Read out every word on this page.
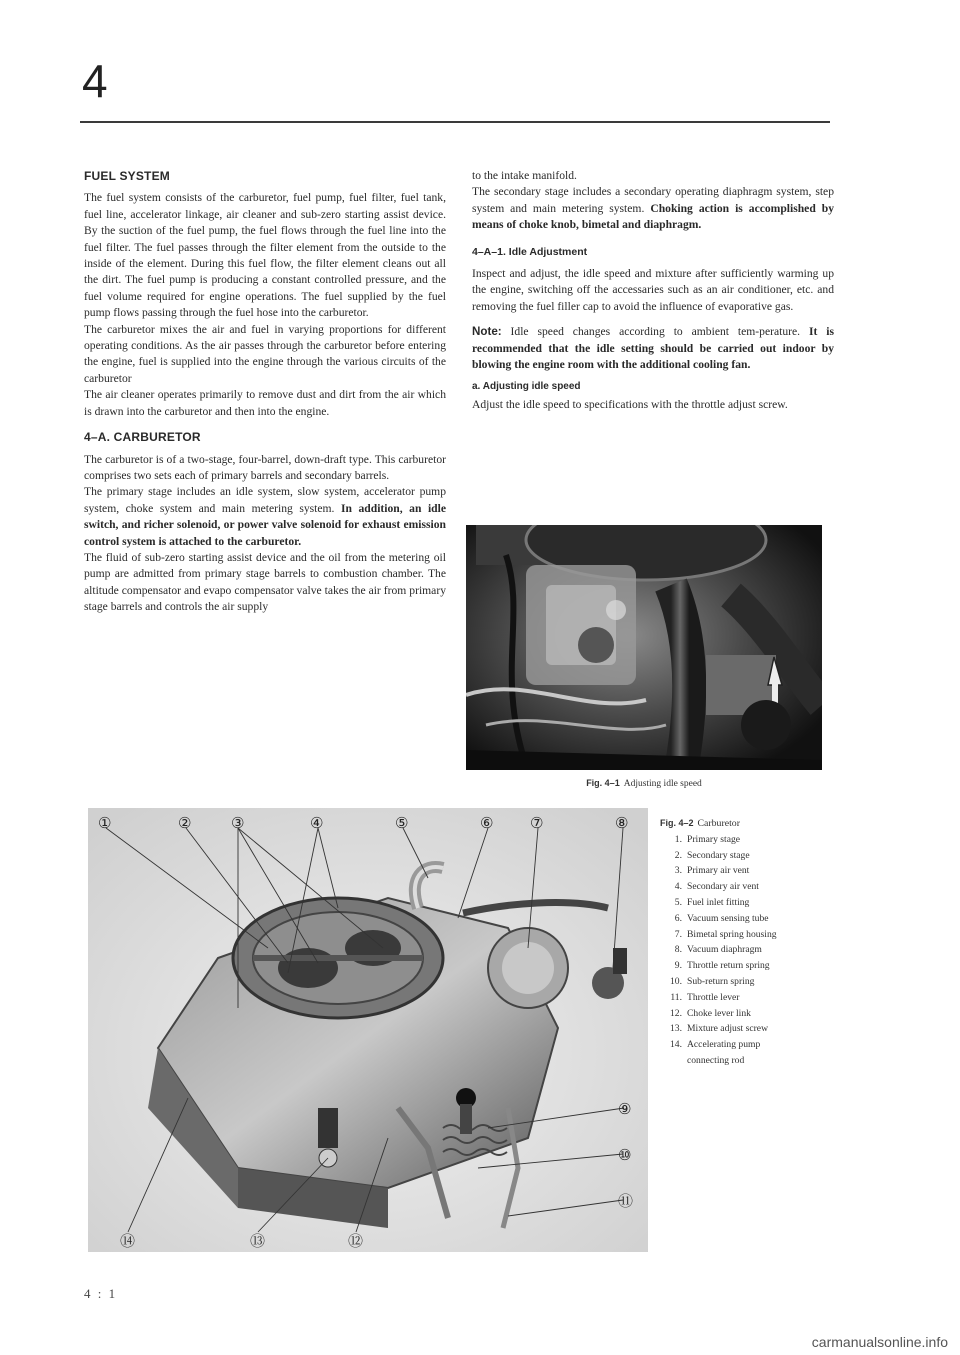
4
FUEL SYSTEM

The fuel system consists of the carburetor, fuel pump, fuel filter, fuel tank, fuel line, accelerator linkage, air cleaner and sub-zero starting assist device. By the suction of the fuel pump, the fuel flows through the fuel line into the fuel filter. The fuel passes through the filter element from the outside to the inside of the element. During this fuel flow, the filter element cleans out all the dirt. The fuel pump is producing a constant controlled pressure, and the fuel volume required for engine operations. The fuel supplied by the fuel pump flows passing through the fuel hose into the carburetor.

The carburetor mixes the air and fuel in varying proportions for different operating conditions. As the air passes through the carburetor before entering the engine, fuel is supplied into the engine through the various circuits of the carburetor

The air cleaner operates primarily to remove dust and dirt from the air which is drawn into the carburetor and then into the engine.

4–A. CARBURETOR

The carburetor is of a two-stage, four-barrel, down-draft type. This carburetor comprises two sets each of primary barrels and secondary barrels.

The primary stage includes an idle system, slow system, accelerator pump system, choke system and main metering system. In addition, an idle switch, and richer solenoid, or power valve solenoid for exhaust emission control system is attached to the carburetor.

The fluid of sub-zero starting assist device and the oil from the metering oil pump are admitted from primary stage barrels to combustion chamber. The altitude compensator and evapo compensator valve takes the air from primary stage barrels and controls the air supply

to the intake manifold.

The secondary stage includes a secondary operating diaphragm system, step system and main metering system. Choking action is accomplished by means of choke knob, bimetal and diaphragm.

4–A–1. Idle Adjustment

Inspect and adjust, the idle speed and mixture after sufficiently warming up the engine, switching off the accessaries such as an air conditioner, etc. and removing the fuel filler cap to avoid the influence of evaporative gas.

Note: Idle speed changes according to ambient tem-perature. It is recommended that the idle setting should be carried out indoor by blowing the engine room with the additional cooling fan.

a. Adjusting idle speed

Adjust the idle speed to specifications with the throttle adjust screw.

Fig. 4–1 Adjusting idle speed
①	②	③	④	⑤	⑥ ⑦	⑧
⑨
⑩
⑪
⑭	⑬	⑫
Fig. 4–2 Carburetor
1. Primary stage
2. Secondary stage
3. Primary air vent
4. Secondary air vent
5. Fuel inlet fitting
6. Vacuum sensing tube
7. Bimetal spring housing
8. Vacuum diaphragm
9. Throttle return spring
10. Sub-return spring
11. Throttle lever
12. Choke lever link
13. Mixture adjust screw
14. Accelerating pump
connecting rod
4 : 1
carmanualsonline.info
